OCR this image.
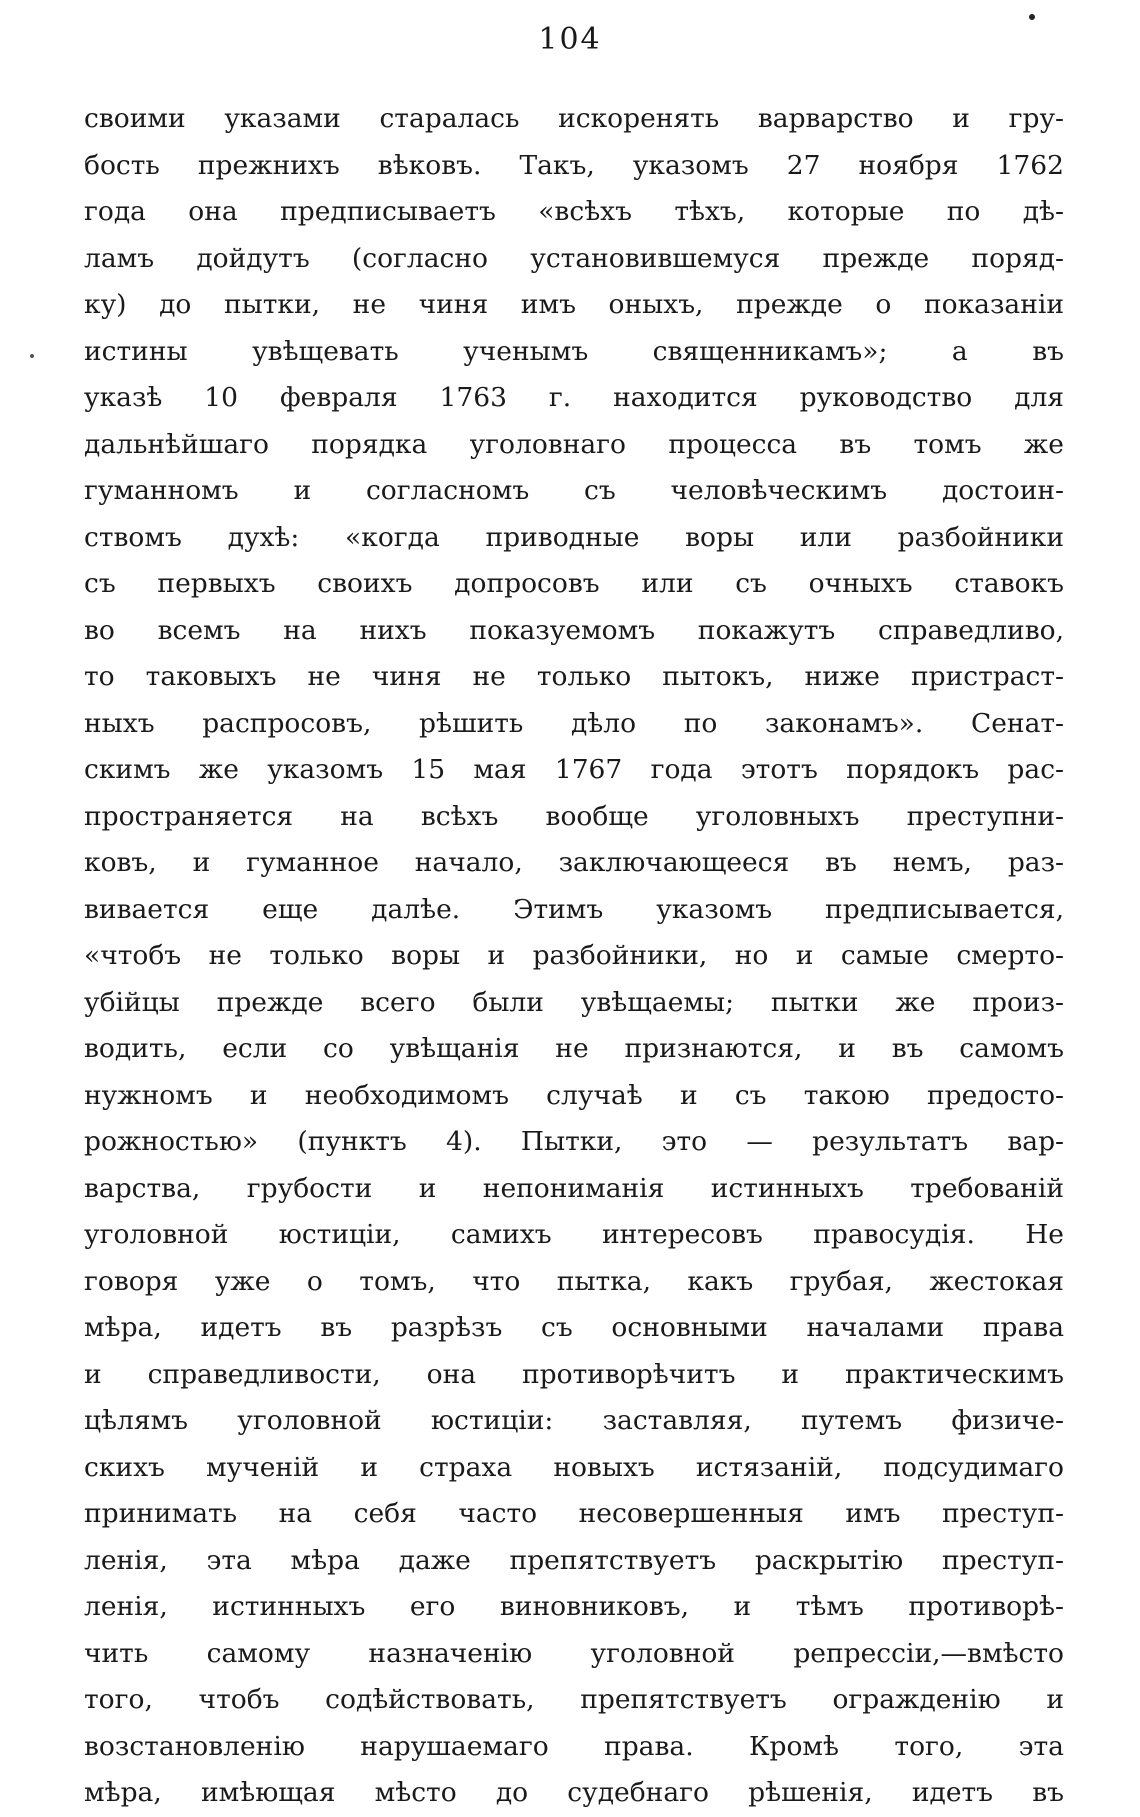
104
своими указами старалась искоренять варварство и гру-
бость прежнихъ вѣковъ. Такъ, указомъ 27 ноября 1762
года она предписываетъ «всѣхъ тѣхъ, которые по дѣ-
ламъ дойдутъ (согласно установившемуся прежде поряд-
ку) до пытки, не чиня имъ оныхъ, прежде о показаніи
истины увѣщевать ученымъ священникамъ»; а въ
указѣ 10 февраля 1763 г. находится руководство для
дальнѣйшаго порядка уголовнаго процесса въ томъ же
гуманномъ и согласномъ съ человѣческимъ достоин-
ствомъ духѣ: «когда приводные воры или разбойники
съ первыхъ своихъ допросовъ или съ очныхъ ставокъ
во всемъ на нихъ показуемомъ покажутъ справедливо,
то таковыхъ не чиня не только пытокъ, ниже пристраст-
ныхъ распросовъ, рѣшить дѣло по законамъ». Сенат-
скимъ же указомъ 15 мая 1767 года этотъ порядокъ рас-
пространяется на всѣхъ вообще уголовныхъ преступни-
ковъ, и гуманное начало, заключающееся въ немъ, раз-
вивается еще далѣе. Этимъ указомъ предписывается,
«чтобъ не только воры и разбойники, но и самые смерто-
убійцы прежде всего были увѣщаемы; пытки же произ-
водить, если со увѣщанія не признаются, и въ самомъ
нужномъ и необходимомъ случаѣ и съ такою предосто-
рожностью» (пунктъ 4). Пытки, это — результатъ вар-
варства, грубости и непониманія истинныхъ требованій
уголовной юстиціи, самихъ интересовъ правосудія. Не
говоря уже о томъ, что пытка, какъ грубая, жестокая
мѣра, идетъ въ разрѣзъ съ основными началами права
и справедливости, она противорѣчитъ и практическимъ
цѣлямъ уголовной юстиціи: заставляя, путемъ физиче-
скихъ мученій и страха новыхъ истязаній, подсудимаго
принимать на себя часто несовершенныя имъ преступ-
ленія, эта мѣра даже препятствуетъ раскрытію преступ-
ленія, истинныхъ его виновниковъ, и тѣмъ противорѣ-
чить самому назначенію уголовной репрессіи,—вмѣсто
того, чтобъ содѣйствовать, препятствуетъ огражденію и
возстановленію нарушаемаго права. Кромѣ того, эта
мѣра, имѣющая мѣсто до судебнаго рѣшенія, идетъ въ
